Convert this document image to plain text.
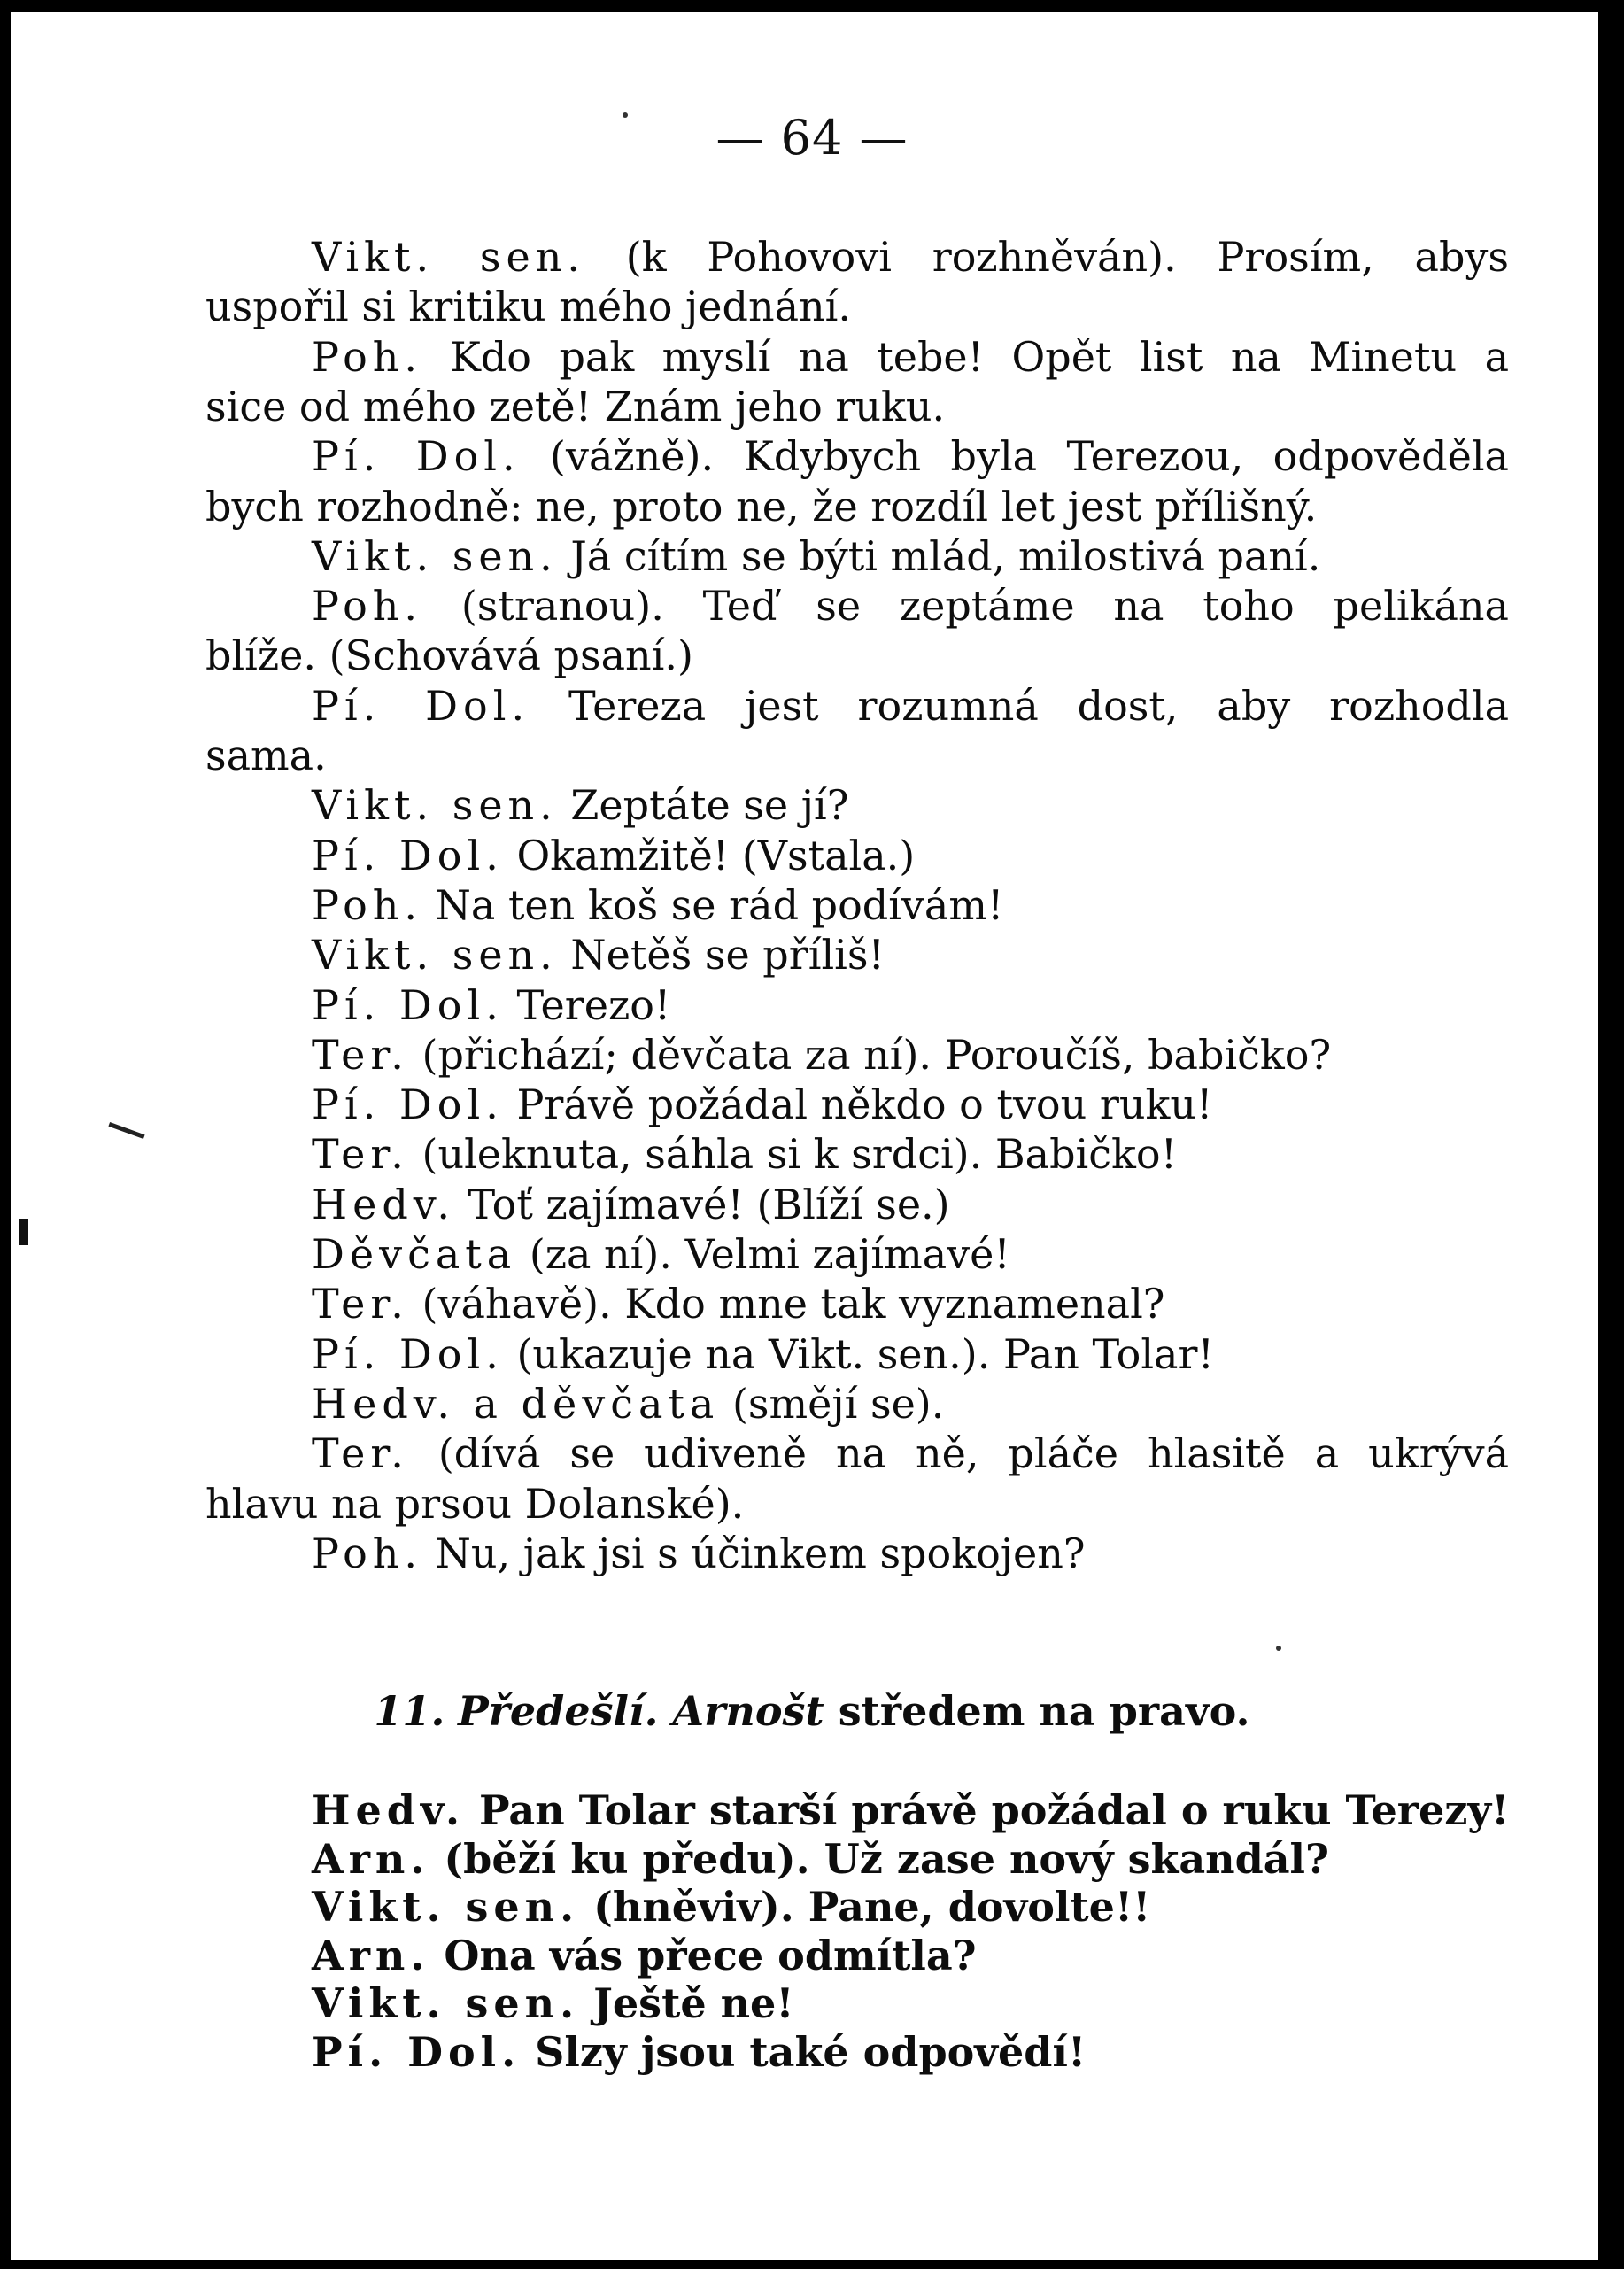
— 64 —
Vikt. sen. (k Pohovovi rozhněván). Prosím, abys
uspořil si kritiku mého jednání.
Poh. Kdo pak myslí na tebe! Opět list na Minetu a
sice od mého zetě! Znám jeho ruku.
Pí. Dol. (vážně). Kdybych byla Terezou, odpověděla
bych rozhodně: ne, proto ne, že rozdíl let jest přílišný.
Vikt. sen. Já cítím se býti mlád, milostivá paní.
Poh. (stranou). Teď se zeptáme na toho pelikána
blíže. (Schovává psaní.)
Pí. Dol. Tereza jest rozumná dost, aby rozhodla
sama.
Vikt. sen. Zeptáte se jí?
Pí. Dol. Okamžitě! (Vstala.)
Poh. Na ten koš se rád podívám!
Vikt. sen. Netěš se příliš!
Pí. Dol. Terezo!
Ter. (přichází; děvčata za ní). Poroučíš, babičko?
Pí. Dol. Právě požádal někdo o tvou ruku!
Ter. (uleknuta, sáhla si k srdci). Babičko!
Hedv. Toť zajímavé! (Blíží se.)
Děvčata (za ní). Velmi zajímavé!
Ter. (váhavě). Kdo mne tak vyznamenal?
Pí. Dol. (ukazuje na Vikt. sen.). Pan Tolar!
Hedv. a děvčata (smějí se).
Ter. (dívá se udiveně na ně, pláče hlasitě a ukrývá
hlavu na prsou Dolanské).
Poh. Nu, jak jsi s účinkem spokojen?
11. Předešlí. Arnošt středem na pravo.
Hedv. Pan Tolar starší právě požádal o ruku Terezy!
Arn. (běží ku předu). Už zase nový skandál?
Vikt. sen. (hněviv). Pane, dovolte!!
Arn. Ona vás přece odmítla?
Vikt. sen. Ještě ne!
Pí. Dol. Slzy jsou také odpovědí!
